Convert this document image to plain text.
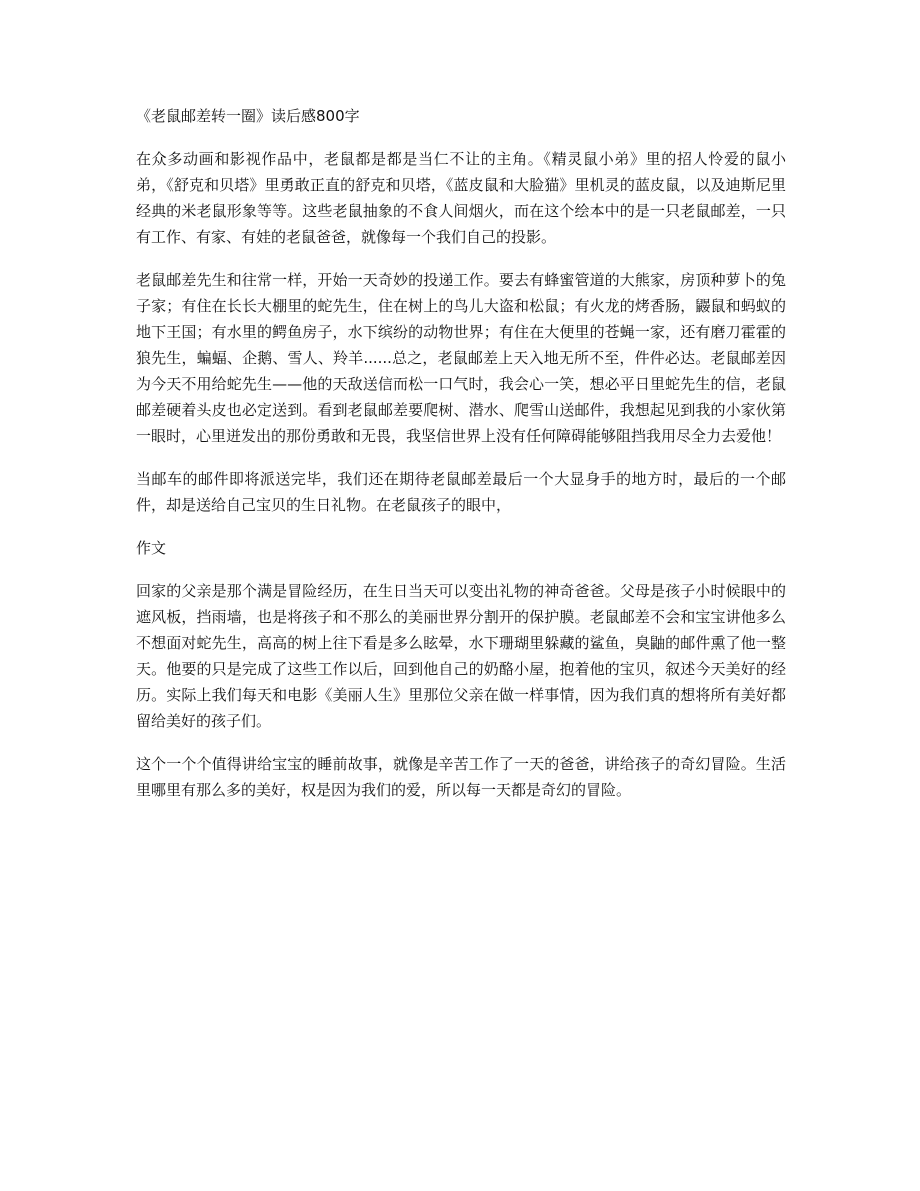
《老鼠邮差转一圈》读后感800字

在众多动画和影视作品中，老鼠都是都是当仁不让的主角。《精灵鼠小弟》里的招人怜爱的鼠小弟，《舒克和贝塔》里勇敢正直的舒克和贝塔，《蓝皮鼠和大脸猫》里机灵的蓝皮鼠，以及迪斯尼里经典的米老鼠形象等等。这些老鼠抽象的不食人间烟火，而在这个绘本中的是一只老鼠邮差，一只有工作、有家、有娃的老鼠爸爸，就像每一个我们自己的投影。

老鼠邮差先生和往常一样，开始一天奇妙的投递工作。要去有蜂蜜管道的大熊家，房顶种萝卜的兔子家；有住在长长大棚里的蛇先生，住在树上的鸟儿大盗和松鼠；有火龙的烤香肠，鼹鼠和蚂蚁的地下王国；有水里的鳄鱼房子，水下缤纷的动物世界；有住在大便里的苍蝇一家，还有磨刀霍霍的狼先生，蝙蝠、企鹅、雪人、羚羊......总之，老鼠邮差上天入地无所不至，件件必达。老鼠邮差因为今天不用给蛇先生——他的天敌送信而松一口气时，我会心一笑，想必平日里蛇先生的信，老鼠邮差硬着头皮也必定送到。看到老鼠邮差要爬树、潜水、爬雪山送邮件，我想起见到我的小家伙第一眼时，心里迸发出的那份勇敢和无畏，我坚信世界上没有任何障碍能够阻挡我用尽全力去爱他！

当邮车的邮件即将派送完毕，我们还在期待老鼠邮差最后一个大显身手的地方时，最后的一个邮件，却是送给自己宝贝的生日礼物。在老鼠孩子的眼中，

作文

回家的父亲是那个满是冒险经历，在生日当天可以变出礼物的神奇爸爸。父母是孩子小时候眼中的遮风板，挡雨墙，也是将孩子和不那么的美丽世界分割开的保护膜。老鼠邮差不会和宝宝讲他多么不想面对蛇先生，高高的树上往下看是多么眩晕，水下珊瑚里躲藏的鲨鱼，臭鼬的邮件熏了他一整天。他要的只是完成了这些工作以后，回到他自己的奶酪小屋，抱着他的宝贝，叙述今天美好的经历。实际上我们每天和电影《美丽人生》里那位父亲在做一样事情，因为我们真的想将所有美好都留给美好的孩子们。

这个一个个值得讲给宝宝的睡前故事，就像是辛苦工作了一天的爸爸，讲给孩子的奇幻冒险。生活里哪里有那么多的美好，权是因为我们的爱，所以每一天都是奇幻的冒险。
